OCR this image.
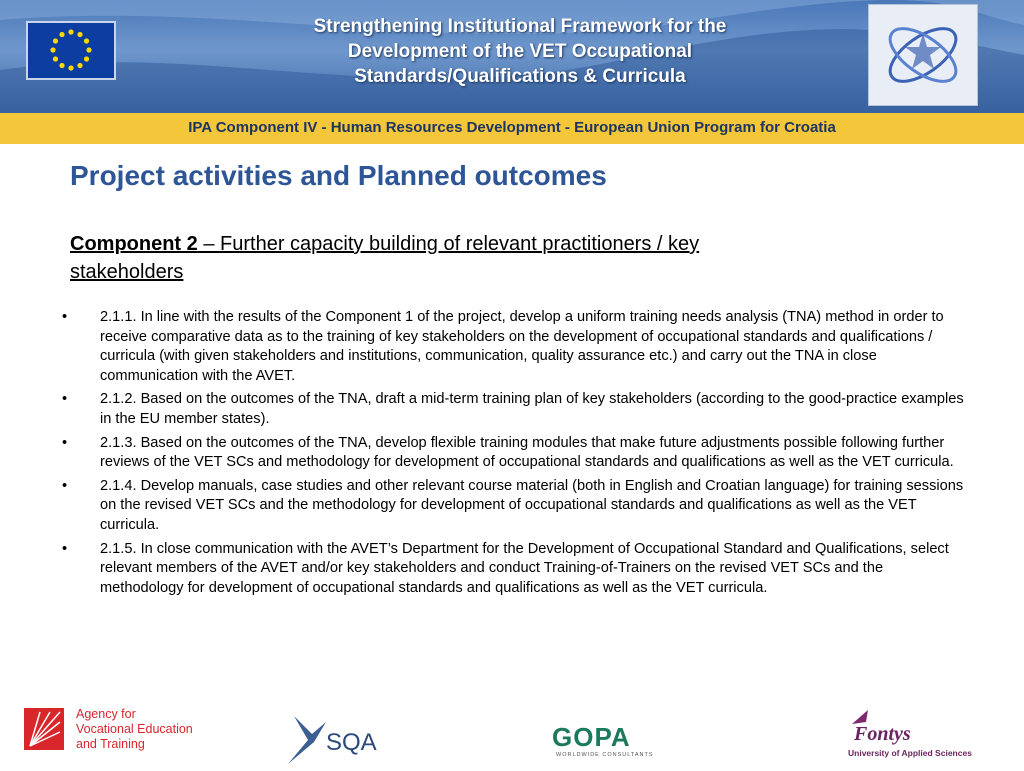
Strengthening Institutional Framework for the
Development of the VET Occupational
Standards/Qualifications & Curricula
IPA Component IV - Human Resources Development - European Union Program for Croatia
Project activities and Planned outcomes
Component 2 – Further capacity building of relevant practitioners / key stakeholders
• 2.1.1. In line with the results of the Component 1 of the project, develop a uniform training needs analysis (TNA) method in order to receive comparative data as to the training of key stakeholders on the development of occupational standards and qualifications / curricula (with given stakeholders and institutions, communication, quality assurance etc.) and carry out the TNA in close communication with the AVET.
• 2.1.2. Based on the outcomes of the TNA, draft a mid-term training plan of key stakeholders (according to the good-practice examples in the EU member states).
• 2.1.3. Based on the outcomes of the TNA, develop flexible training modules that make future adjustments possible following further reviews of the VET SCs and methodology for development of occupational standards and qualifications as well as the VET curricula.
• 2.1.4. Develop manuals, case studies and other relevant course material (both in English and Croatian language) for training sessions on the revised VET SCs and the methodology for development of occupational standards and qualifications as well as the VET curricula.
• 2.1.5. In close communication with the AVET’s Department for the Development of Occupational Standard and Qualifications, select relevant members of the AVET and/or key stakeholders and conduct Training-of-Trainers on the revised VET SCs and the methodology for development of occupational standards and qualifications as well as the VET curricula.
Agency for
Vocational Education
and Training	SQA	GOPA
WORLDWIDE CONSULTANTS
Fontys
University of Applied Sciences
